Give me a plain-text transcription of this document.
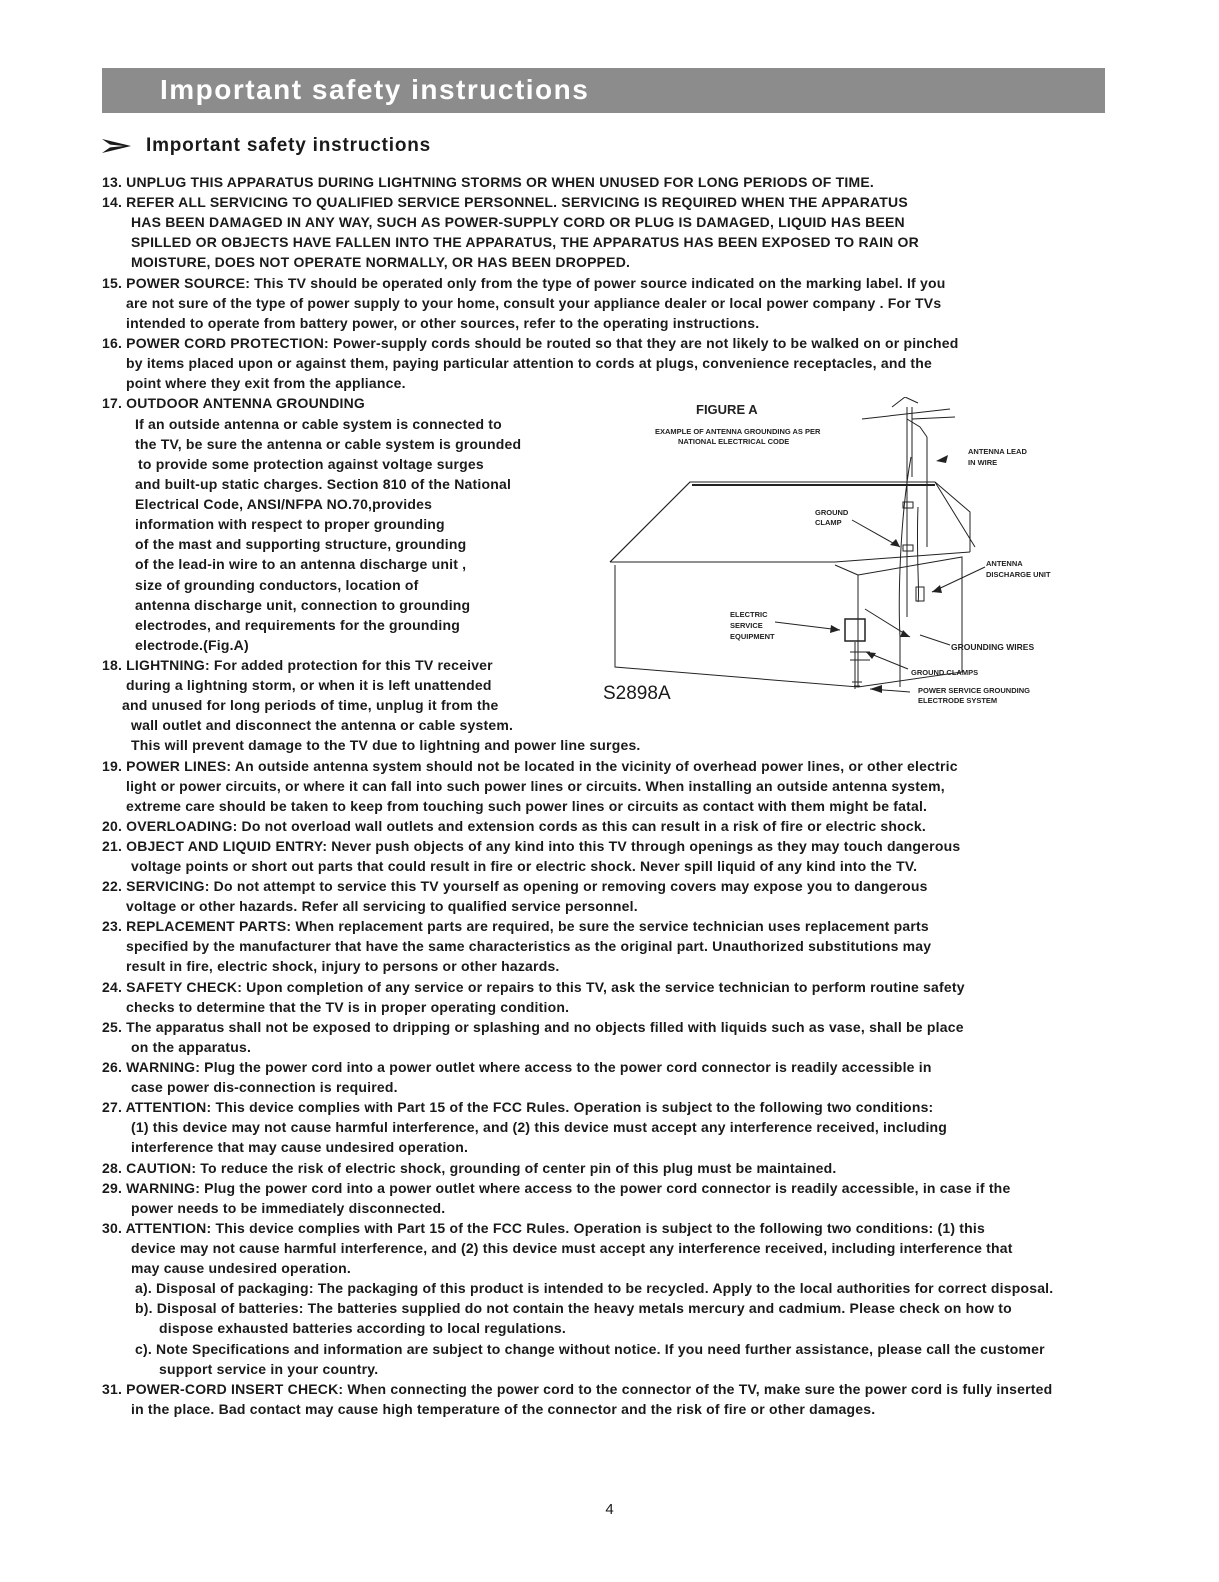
Important safety instructions
Important safety instructions
13. UNPLUG THIS APPARATUS DURING LIGHTNING STORMS OR WHEN UNUSED FOR LONG PERIODS OF TIME.
14. REFER ALL SERVICING TO QUALIFIED SERVICE PERSONNEL. SERVICING IS REQUIRED WHEN THE APPARATUS
HAS BEEN DAMAGED IN ANY WAY, SUCH AS POWER-SUPPLY CORD OR PLUG IS DAMAGED, LIQUID HAS BEEN
SPILLED OR OBJECTS HAVE FALLEN INTO THE APPARATUS, THE APPARATUS HAS BEEN EXPOSED TO RAIN OR
MOISTURE, DOES NOT OPERATE NORMALLY, OR HAS BEEN DROPPED.
15. POWER SOURCE: This TV should be operated only from the type of power source indicated on the marking label. If you
are not sure of the type of power supply to your home, consult your appliance dealer or local power company . For TVs
intended to operate from battery power, or other sources, refer to the operating instructions.
16. POWER CORD PROTECTION: Power-supply cords should be routed so that they are not likely to be walked on or pinched
by items placed upon or against them, paying particular attention to cords at plugs, convenience receptacles, and the
point where they exit from the appliance.
17. OUTDOOR ANTENNA GROUNDING
If an outside antenna or cable system is connected to
the TV, be sure the antenna or cable system is grounded
to provide some protection against voltage surges
and built-up static charges. Section 810 of the National
Electrical Code, ANSI/NFPA NO.70,provides
information with respect to proper grounding
of the mast and supporting structure, grounding
of the lead-in wire to an antenna discharge unit ,
size of grounding conductors, location of
antenna discharge unit, connection to grounding
electrodes, and requirements for the grounding
electrode.(Fig.A)
18. LIGHTNING: For added protection for this TV receiver
during a lightning storm, or when it is left unattended
and unused for long periods of time, unplug it from the
wall outlet and disconnect the antenna or cable system.
This will prevent damage to the TV due to lightning and power line surges.
19. POWER LINES: An outside antenna system should not be located in the vicinity of overhead power lines, or other electric
light or power circuits, or where it can fall into such power lines or circuits. When installing an outside antenna system,
extreme care should be taken to keep from touching such power lines or circuits as contact with them might be fatal.
20. OVERLOADING: Do not overload wall outlets and extension cords as this can result in a risk of fire or electric shock.
21. OBJECT AND LIQUID ENTRY: Never push objects of any kind into this TV through openings as they may touch dangerous
voltage points or short out parts that could result in fire or electric shock. Never spill liquid of any kind into the TV.
22. SERVICING: Do not attempt to service this TV yourself as opening or removing covers may expose you to dangerous
voltage or other hazards. Refer all servicing to qualified service personnel.
23. REPLACEMENT PARTS: When replacement parts are required, be sure the service technician uses replacement parts
specified by the manufacturer that have the same characteristics as the original part. Unauthorized substitutions may
result in fire, electric shock, injury to persons or other hazards.
24. SAFETY CHECK: Upon completion of any service or repairs to this TV, ask the service technician to perform routine safety
checks to determine that the TV is in proper operating condition.
25. The apparatus shall not be exposed to dripping or splashing and no objects filled with liquids such as vase, shall be place
on the apparatus.
26. WARNING: Plug the power cord into a power outlet where access to the power cord connector is readily accessible in
case power dis-connection is required.
27. ATTENTION: This device complies with Part 15 of the FCC Rules. Operation is subject to the following two conditions:
(1) this device may not cause harmful interference, and (2) this device must accept any interference received, including
interference that may cause undesired operation.
28. CAUTION: To reduce the risk of electric shock, grounding of center pin of this plug must be maintained.
29. WARNING: Plug the power cord into a power outlet where access to the power cord connector is readily accessible, in case if the
power needs to be immediately disconnected.
30. ATTENTION: This device complies with Part 15 of the FCC Rules. Operation is subject to the following two conditions: (1) this
device may not cause harmful interference, and (2) this device must accept any interference received, including interference that
may cause undesired operation.
a). Disposal of packaging: The packaging of this product is intended to be recycled. Apply to the local authorities for correct disposal.
b). Disposal of batteries: The batteries supplied do not contain the heavy metals mercury and cadmium. Please check on how to
dispose exhausted batteries according to local regulations.
c). Note Specifications and information are subject to change without notice. If you need further assistance, please call the customer
support service in your country.
31. POWER-CORD INSERT CHECK: When connecting the power cord to the connector of the TV, make sure the power cord is fully inserted
in the place. Bad contact may cause high temperature of the connector and the risk of fire or other damages.
FIGURE A
EXAMPLE OF ANTENNA GROUNDING AS PER
NATIONAL ELECTRICAL CODE
ANTENNA LEAD
IN WIRE
GROUND
CLAMP
ANTENNA
DISCHARGE UNIT
ELECTRIC
SERVICE
EQUIPMENT
GROUNDING WIRES
GROUND CLAMPS
POWER SERVICE GROUNDING
ELECTRODE SYSTEM
S2898A
4
